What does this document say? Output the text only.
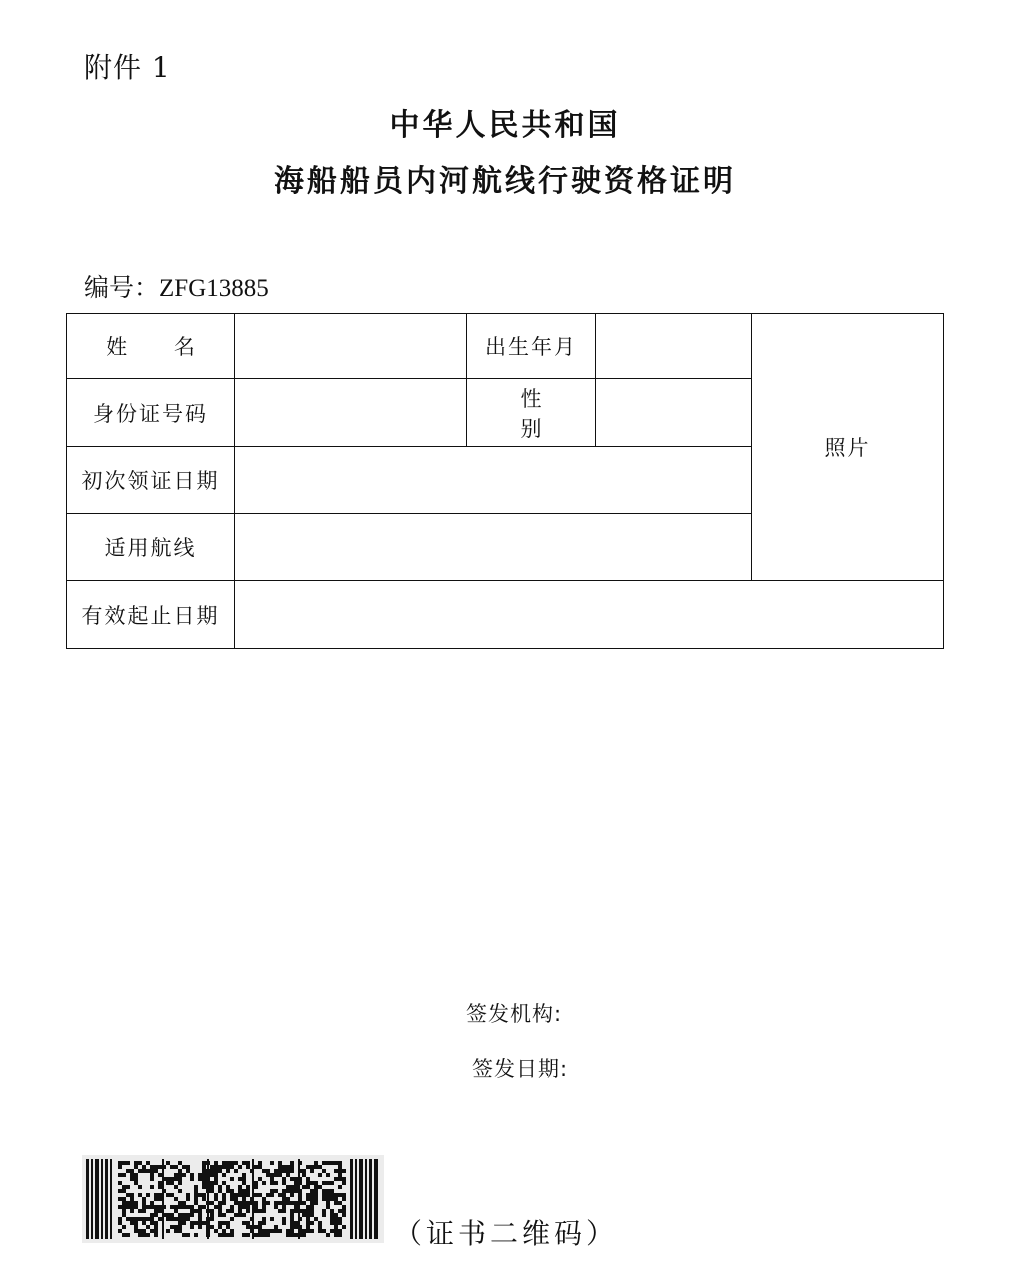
附件 1
中华人民共和国
海船船员内河航线行驶资格证明
编号：ZFG13885
姓 名		出生年月		照片
身份证号码		性 别		
初次领证日期				
适用航线				
有效起止日期				
签发机构:
签发日期:
（证书二维码）
